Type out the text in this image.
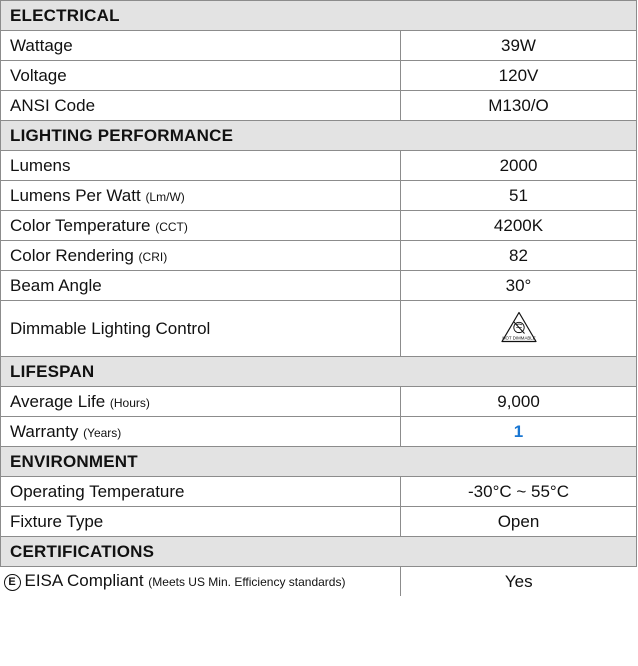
ELECTRICAL	
Wattage	39W
Voltage	120V
ANSI Code	M130/O
LIGHTING PERFORMANCE	
Lumens	2000
Lumens Per Watt (Lm/W)	51
Color Temperature (CCT)	4200K
Color Rendering (CRI)	82
Beam Angle	30°
Dimmable Lighting Control	NOT DIMMABLE

LIFESPAN	
Average Life (Hours)	9,000
Warranty (Years)	1
ENVIRONMENT	
Operating Temperature	-30°C ~ 55°C
Fixture Type	Open
CERTIFICATIONS	
E EISA Compliant (Meets US Min. Efficiency standards)	Yes
